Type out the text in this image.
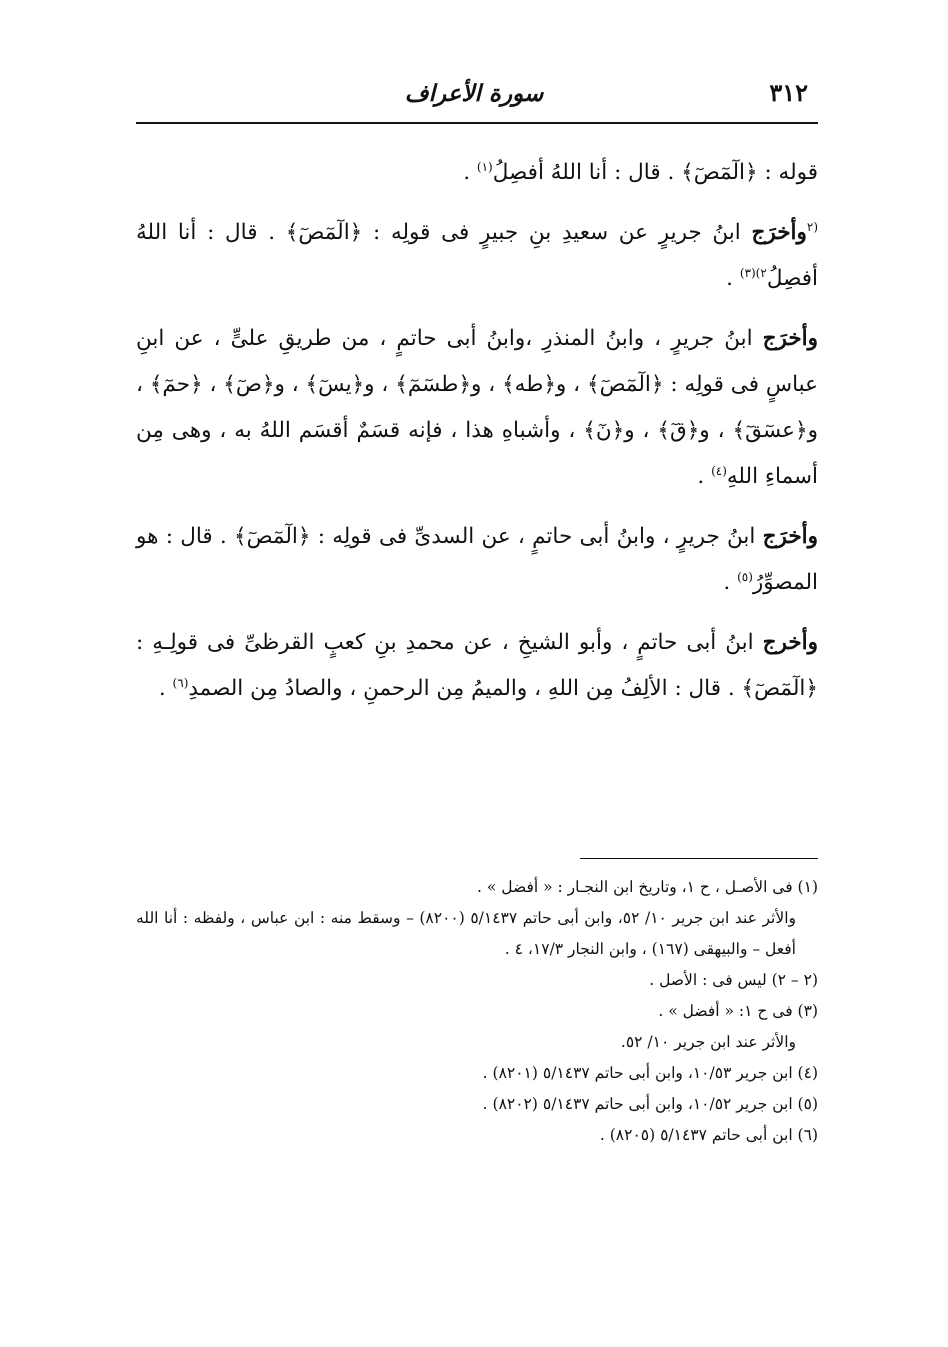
٣١٢
سورة الأعراف

قوله : ﴿الٓمٓصٓ﴾ . قال : أنا اللهُ أفصِلُ$^{(١)}$ .

$^{(٢}$وأخرَج ابنُ جريرٍ عن سعيدِ بنِ جبيرٍ فى قولِه : ﴿الٓمٓصٓ﴾ . قال : أنا اللهُ أفصِلُ$^{٢)(٣)}$ .

وأخرَج ابنُ جريرٍ ، وابنُ المنذرِ ،وابنُ أبى حاتمٍ ، من طريقِ علىٍّ ، عن ابنِ عباسٍ فى قولِه : ﴿الٓمٓصٓ﴾ ، و﴿طه﴾ ، و﴿طسٓمٓ﴾ ، و﴿يسٓ﴾ ، و﴿صٓ﴾ ، ﴿حمٓ﴾ ، و﴿عسٓقٓ﴾ ، و﴿قٓ﴾ ، و﴿نٓ﴾ ، وأشباهِ هذا ، فإنه قسَمٌ أقسَم اللهُ به ، وهى مِن أسماءِ اللهِ$^{(٤)}$ .

وأخرَج ابنُ جريرٍ ، وابنُ أبى حاتمٍ ، عن السدىِّ فى قولِه : ﴿الٓمٓصٓ﴾ . قال : هو المصوِّرُ$^{(٥)}$ .

وأخرج ابنُ أبى حاتمٍ ، وأبو الشيخِ ، عن محمدِ بنِ كعبٍ القرظىِّ فى قولِـهِ : ﴿الٓمٓصٓ﴾ . قال : الألِفُ مِن اللهِ ، والميمُ مِن الرحمنِ ، والصادُ مِن الصمدِ$^{(٦)}$ .

(١) فى الأصـل ، ح ١، وتاريخ ابن النجـار : « أفضل » .

والأثر عند ابن جرير ١٠/ ٥٢، وابن أبى حاتم ٥/١٤٣٧ (٨٢٠٠) – وسقط منه : ابن عباس ، ولفظه : أنا الله أفعل – والبيهقى (١٦٧) ، وابن النجار ١٧/٣، ٤ .

(٢ – ٢) ليس فى : الأصل .

(٣) فى ح ١: « أفضل » .

والأثر عند ابن جرير ١٠/ ٥٢.

(٤) ابن جرير ١٠/٥٣، وابن أبى حاتم ٥/١٤٣٧ (٨٢٠١) .

(٥) ابن جرير ١٠/٥٢، وابن أبى حاتم ٥/١٤٣٧ (٨٢٠٢) .

(٦) ابن أبى حاتم ٥/١٤٣٧ (٨٢٠٥) .
